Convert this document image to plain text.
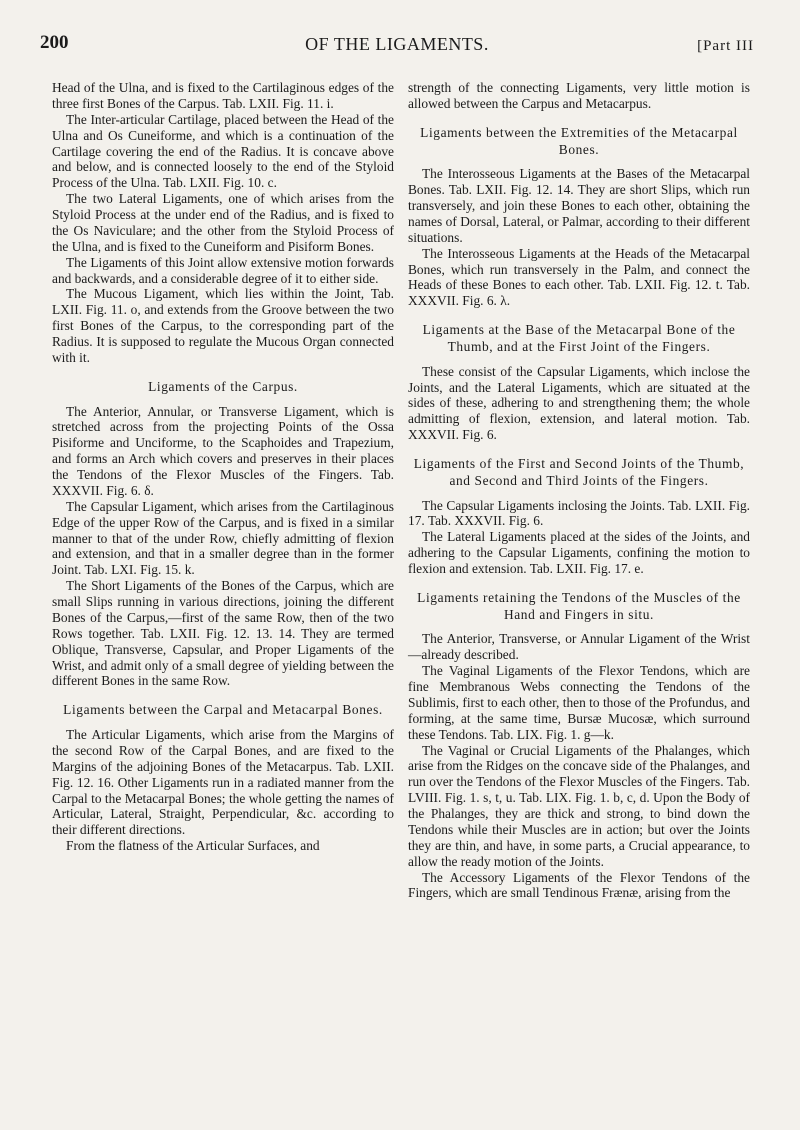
200	OF THE LIGAMENTS.	[Part III

Head of the Ulna, and is fixed to the Cartilaginous edges of the three first Bones of the Carpus. Tab. LXII. Fig. 11. i.

The Inter-articular Cartilage, placed between the Head of the Ulna and Os Cuneiforme, and which is a continuation of the Cartilage covering the end of the Radius. It is concave above and below, and is connected loosely to the end of the Styloid Process of the Ulna. Tab. LXII. Fig. 10. c.

The two Lateral Ligaments, one of which arises from the Styloid Process at the under end of the Radius, and is fixed to the Os Naviculare; and the other from the Styloid Process of the Ulna, and is fixed to the Cuneiform and Pisiform Bones.

The Ligaments of this Joint allow extensive motion forwards and backwards, and a considerable degree of it to either side.

The Mucous Ligament, which lies within the Joint, Tab. LXII. Fig. 11. o, and extends from the Groove between the two first Bones of the Carpus, to the corresponding part of the Radius. It is supposed to regulate the Mucous Organ connected with it.

Ligaments of the Carpus.

The Anterior, Annular, or Transverse Ligament, which is stretched across from the projecting Points of the Ossa Pisiforme and Unciforme, to the Scaphoides and Trapezium, and forms an Arch which covers and preserves in their places the Tendons of the Flexor Muscles of the Fingers. Tab. XXXVII. Fig. 6. δ.

The Capsular Ligament, which arises from the Cartilaginous Edge of the upper Row of the Carpus, and is fixed in a similar manner to that of the under Row, chiefly admitting of flexion and extension, and that in a smaller degree than in the former Joint. Tab. LXI. Fig. 15. k.

The Short Ligaments of the Bones of the Carpus, which are small Slips running in various directions, joining the different Bones of the Carpus,—first of the same Row, then of the two Rows together. Tab. LXII. Fig. 12. 13. 14. They are termed Oblique, Transverse, Capsular, and Proper Ligaments of the Wrist, and admit only of a small degree of yielding between the different Bones in the same Row.

Ligaments between the Carpal and Metacarpal Bones.

The Articular Ligaments, which arise from the Margins of the second Row of the Carpal Bones, and are fixed to the Margins of the adjoining Bones of the Metacarpus. Tab. LXII. Fig. 12. 16. Other Ligaments run in a radiated manner from the Carpal to the Metacarpal Bones; the whole getting the names of Articular, Lateral, Straight, Perpendicular, &c. according to their different directions.

From the flatness of the Articular Surfaces, and

strength of the connecting Ligaments, very little motion is allowed between the Carpus and Metacarpus.

Ligaments between the Extremities of the Metacarpal Bones.

The Interosseous Ligaments at the Bases of the Metacarpal Bones. Tab. LXII. Fig. 12. 14. They are short Slips, which run transversely, and join these Bones to each other, obtaining the names of Dorsal, Lateral, or Palmar, according to their different situations.

The Interosseous Ligaments at the Heads of the Metacarpal Bones, which run transversely in the Palm, and connect the Heads of these Bones to each other. Tab. LXII. Fig. 12. t. Tab. XXXVII. Fig. 6. λ.

Ligaments at the Base of the Metacarpal Bone of the Thumb, and at the First Joint of the Fingers.

These consist of the Capsular Ligaments, which inclose the Joints, and the Lateral Ligaments, which are situated at the sides of these, adhering to and strengthening them; the whole admitting of flexion, extension, and lateral motion. Tab. XXXVII. Fig. 6.

Ligaments of the First and Second Joints of the Thumb, and Second and Third Joints of the Fingers.

The Capsular Ligaments inclosing the Joints. Tab. LXII. Fig. 17. Tab. XXXVII. Fig. 6.

The Lateral Ligaments placed at the sides of the Joints, and adhering to the Capsular Ligaments, confining the motion to flexion and extension. Tab. LXII. Fig. 17. e.

Ligaments retaining the Tendons of the Muscles of the Hand and Fingers in situ.

The Anterior, Transverse, or Annular Ligament of the Wrist—already described.

The Vaginal Ligaments of the Flexor Tendons, which are fine Membranous Webs connecting the Tendons of the Sublimis, first to each other, then to those of the Profundus, and forming, at the same time, Bursæ Mucosæ, which surround these Tendons. Tab. LIX. Fig. 1. g—k.

The Vaginal or Crucial Ligaments of the Phalanges, which arise from the Ridges on the concave side of the Phalanges, and run over the Tendons of the Flexor Muscles of the Fingers. Tab. LVIII. Fig. 1. s, t, u. Tab. LIX. Fig. 1. b, c, d. Upon the Body of the Phalanges, they are thick and strong, to bind down the Tendons while their Muscles are in action; but over the Joints they are thin, and have, in some parts, a Crucial appearance, to allow the ready motion of the Joints.

The Accessory Ligaments of the Flexor Tendons of the Fingers, which are small Tendinous Frænæ, arising from the
